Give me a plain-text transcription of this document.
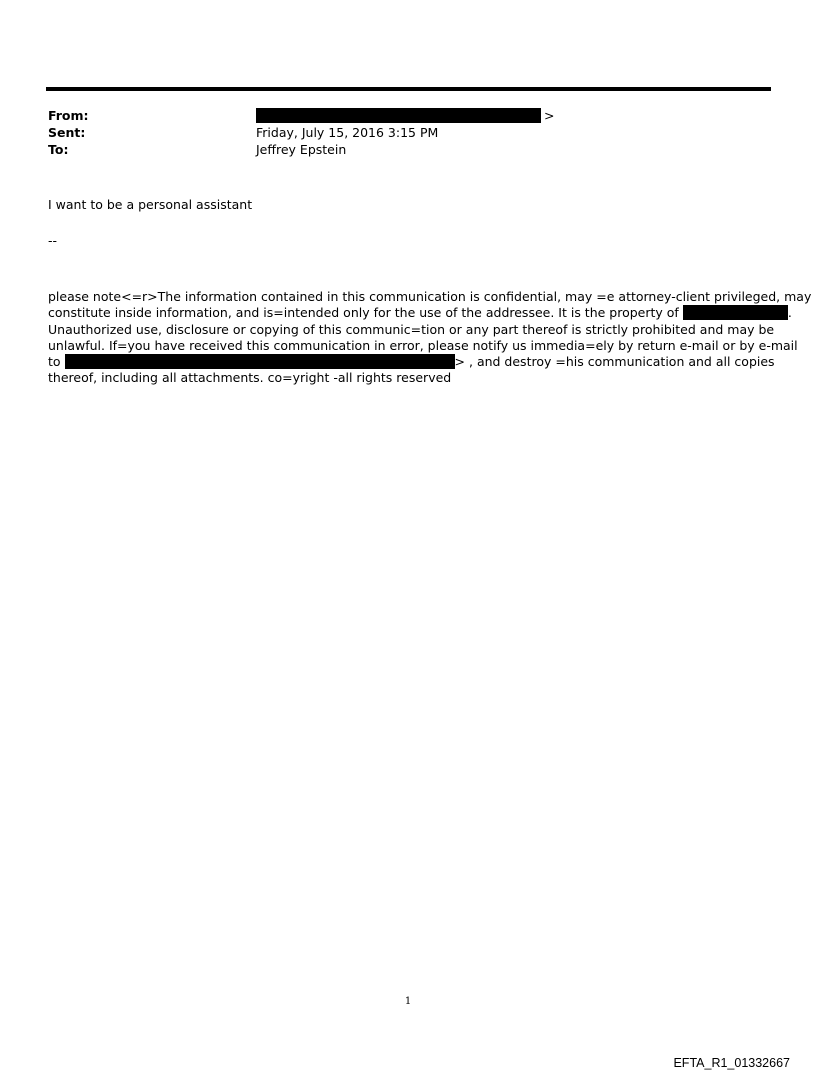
From:	>
Sent:	Friday, July 15, 2016 3:15 PM
To:	Jeffrey Epstein
I want to be a personal assistant
--
please note<=r>The information contained in this communication is confidential, may =e attorney-client privileged, may
constitute inside information, and is=intended only for the use of the addressee. It is the property of	.
Unauthorized use, disclosure or copying of this communic=tion or any part thereof is strictly prohibited and may be
unlawful. If=you have received this communication in error, please notify us immedia=ely by return e-mail or by e-mail
to	> , and destroy =his communication and all copies
thereof, including all attachments. co=yright -all rights reserved
1
EFTA_R1_01332667
